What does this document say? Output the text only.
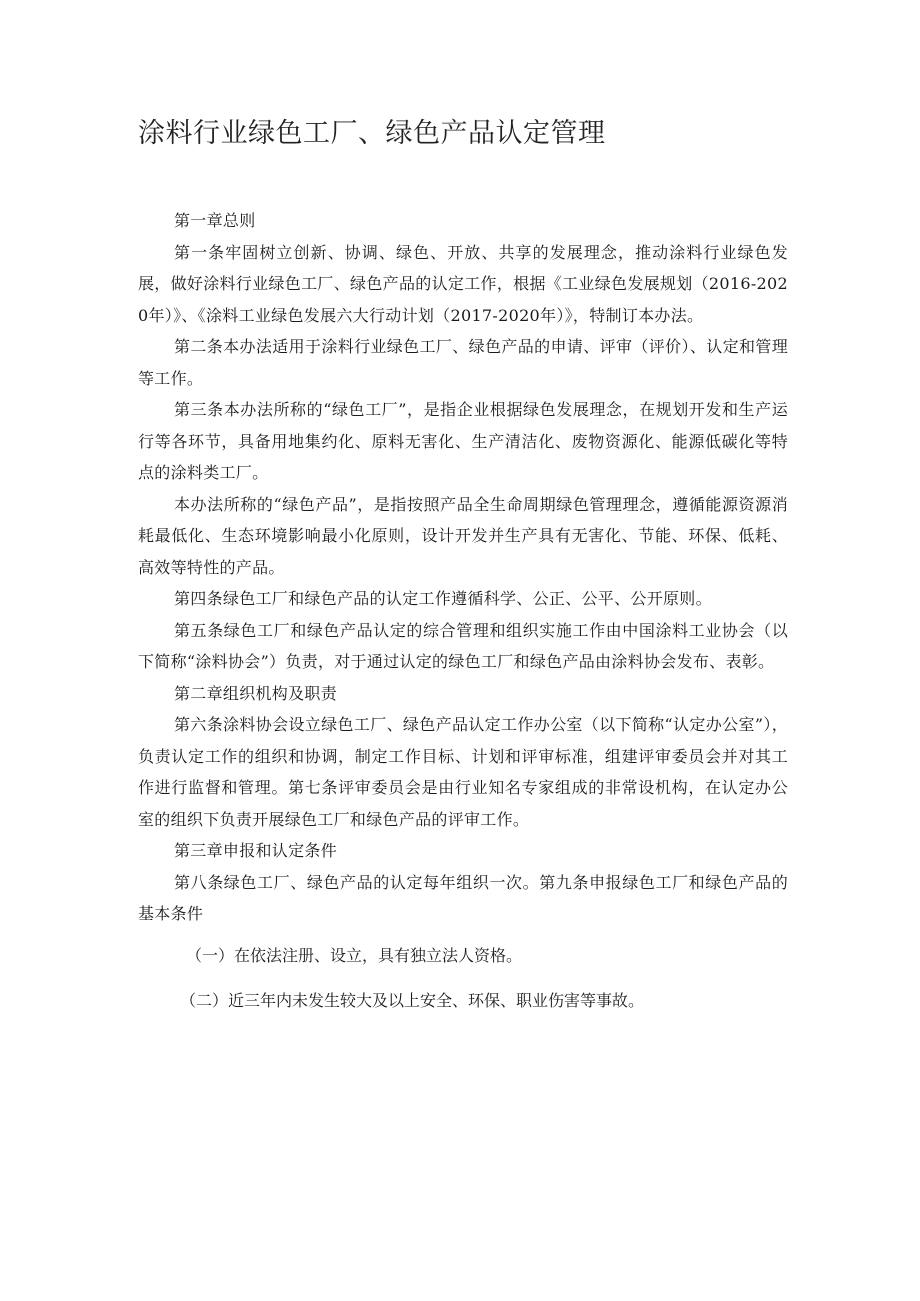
涂料行业绿色工厂、绿色产品认定管理

第一章总则

第一条牢固树立创新、协调、绿色、开放、共享的发展理念，推动涂料行业绿色发展，做好涂料行业绿色工厂、绿色产品的认定工作，根据《工业绿色发展规划（2016-2020年）》、《涂料工业绿色发展六大行动计划（2017-2020年）》，特制订本办法。

第二条本办法适用于涂料行业绿色工厂、绿色产品的申请、评审（评价）、认定和管理等工作。

第三条本办法所称的“绿色工厂”，是指企业根据绿色发展理念，在规划开发和生产运行等各环节，具备用地集约化、原料无害化、生产清洁化、废物资源化、能源低碳化等特点的涂料类工厂。

本办法所称的“绿色产品”，是指按照产品全生命周期绿色管理理念，遵循能源资源消耗最低化、生态环境影响最小化原则，设计开发并生产具有无害化、节能、环保、低耗、高效等特性的产品。

第四条绿色工厂和绿色产品的认定工作遵循科学、公正、公平、公开原则。

第五条绿色工厂和绿色产品认定的综合管理和组织实施工作由中国涂料工业协会（以下简称“涂料协会”）负责，对于通过认定的绿色工厂和绿色产品由涂料协会发布、表彰。

第二章组织机构及职责

第六条涂料协会设立绿色工厂、绿色产品认定工作办公室（以下简称“认定办公室”），负责认定工作的组织和协调，制定工作目标、计划和评审标准，组建评审委员会并对其工作进行监督和管理。第七条评审委员会是由行业知名专家组成的非常设机构，在认定办公室的组织下负责开展绿色工厂和绿色产品的评审工作。

第三章申报和认定条件

第八条绿色工厂、绿色产品的认定每年组织一次。第九条申报绿色工厂和绿色产品的基本条件

（一）在依法注册、设立，具有独立法人资格。

（二）近三年内未发生较大及以上安全、环保、职业伤害等事故。
